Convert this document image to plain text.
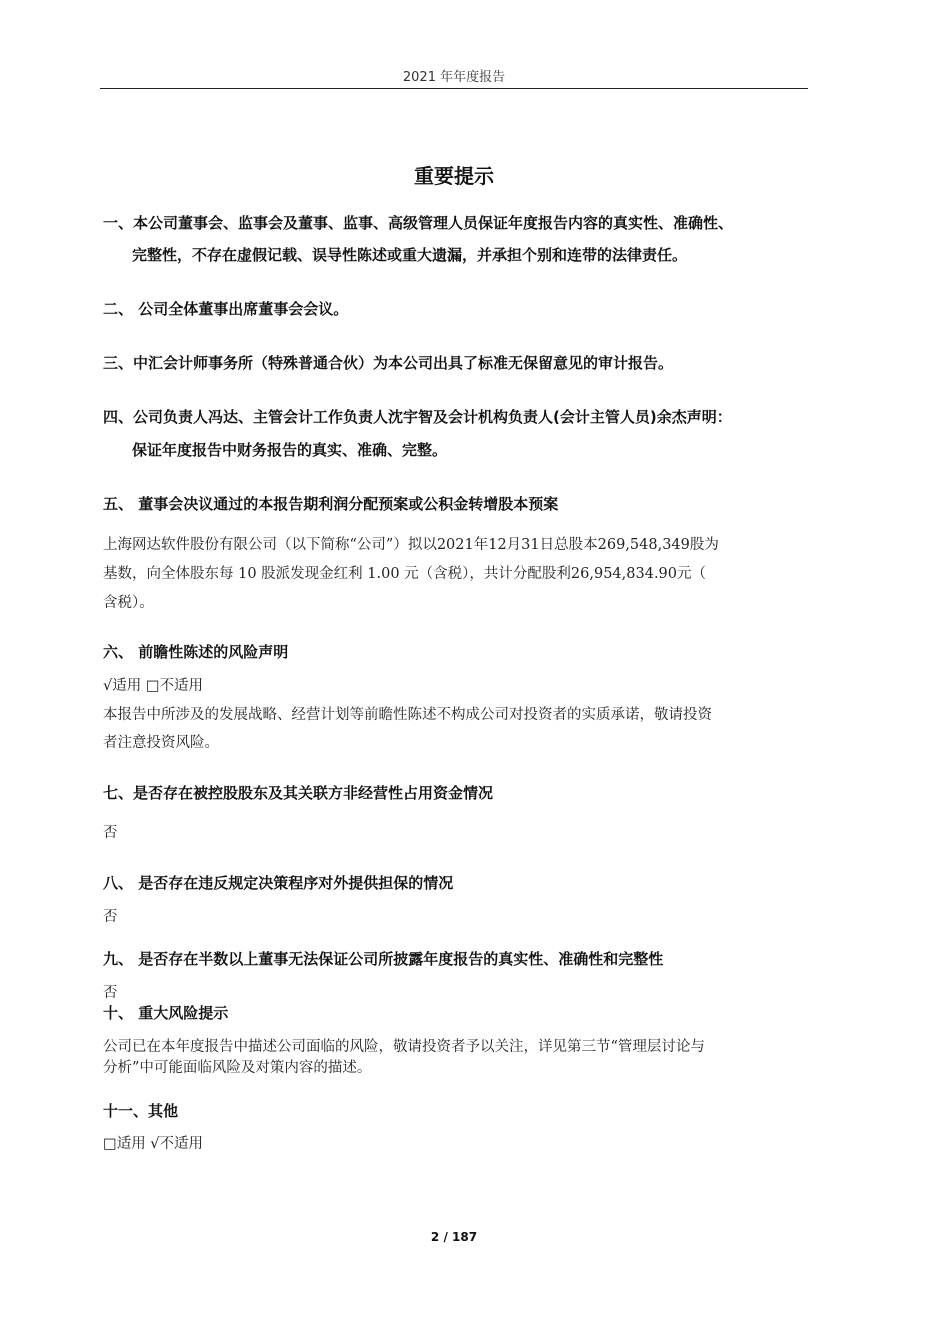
2021 年年度报告
重要提示
一、本公司董事会、监事会及董事、监事、高级管理人员保证年度报告内容的真实性、准确性、
完整性，不存在虚假记载、误导性陈述或重大遗漏，并承担个别和连带的法律责任。
二、 公司全体董事出席董事会会议。
三、中汇会计师事务所（特殊普通合伙）为本公司出具了标准无保留意见的审计报告。
四、公司负责人冯达、主管会计工作负责人沈宇智及会计机构负责人(会计主管人员)余杰声明：
保证年度报告中财务报告的真实、准确、完整。
五、 董事会决议通过的本报告期利润分配预案或公积金转增股本预案
上海网达软件股份有限公司（以下简称“公司”）拟以2021年12月31日总股本269,548,349股为
基数，向全体股东每 10 股派发现金红利 1.00 元（含税），共计分配股利26,954,834.90元（
含税）。
六、 前瞻性陈述的风险声明
√适用 □不适用
本报告中所涉及的发展战略、经营计划等前瞻性陈述不构成公司对投资者的实质承诺，敬请投资
者注意投资风险。
七、是否存在被控股股东及其关联方非经营性占用资金情况
否
八、 是否存在违反规定决策程序对外提供担保的情况
否
九、 是否存在半数以上董事无法保证公司所披露年度报告的真实性、准确性和完整性
否
十、 重大风险提示
公司已在本年度报告中描述公司面临的风险，敬请投资者予以关注，详见第三节“管理层讨论与
分析”中可能面临风险及对策内容的描述。
十一、其他
□适用 √不适用
2 / 187
